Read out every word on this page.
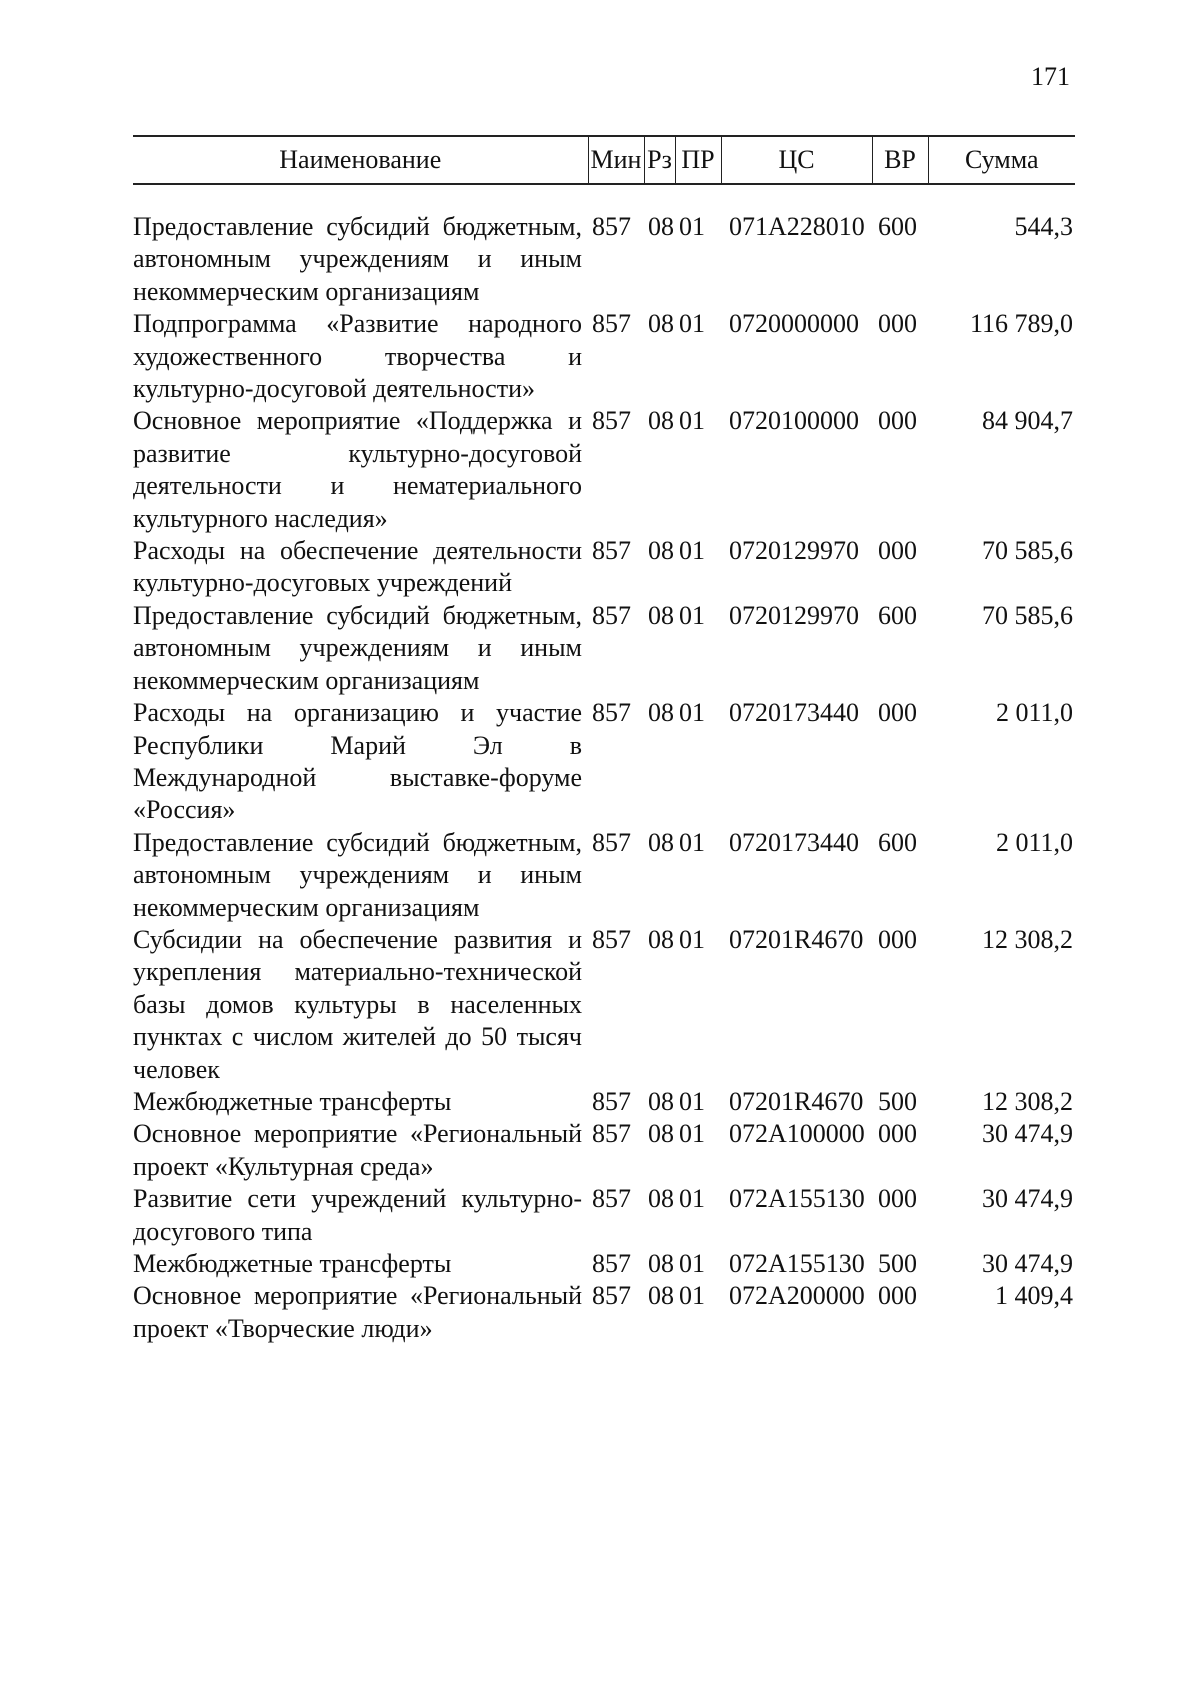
171
Наименование	Мин	Рз	ПР	ЦС	ВР	Сумма

Предоставление субсидий бюджетным, автономным учреждениям и иным некоммерческим организациям	857	08	01	071A228010	600	544,3
Подпрограмма «Развитие народного художественного творчества и культурно-досуговой деятельности»	857	08	01	0720000000	000	116 789,0
Основное мероприятие «Поддержка и развитие культурно-досуговой деятельности и нематериального культурного наследия»	857	08	01	0720100000	000	84 904,7
Расходы на обеспечение деятельности культурно-досуговых учреждений	857	08	01	0720129970	000	70 585,6
Предоставление субсидий бюджетным, автономным учреждениям и иным некоммерческим организациям	857	08	01	0720129970	600	70 585,6
Расходы на организацию и участие Республики Марий Эл в Международной выставке-форуме «Россия»	857	08	01	0720173440	000	2 011,0
Предоставление субсидий бюджетным, автономным учреждениям и иным некоммерческим организациям	857	08	01	0720173440	600	2 011,0
Субсидии на обеспечение развития и укрепления материально-технической базы домов культуры в населенных пунктах с числом жителей до 50 тысяч человек	857	08	01	07201R4670	000	12 308,2
Межбюджетные трансферты	857	08	01	07201R4670	500	12 308,2
Основное мероприятие «Региональный проект «Культурная среда»	857	08	01	072A100000	000	30 474,9
Развитие сети учреждений культурно-досугового типа	857	08	01	072A155130	000	30 474,9
Межбюджетные трансферты	857	08	01	072A155130	500	30 474,9
Основное мероприятие «Региональный проект «Творческие люди»	857	08	01	072A200000	000	1 409,4
